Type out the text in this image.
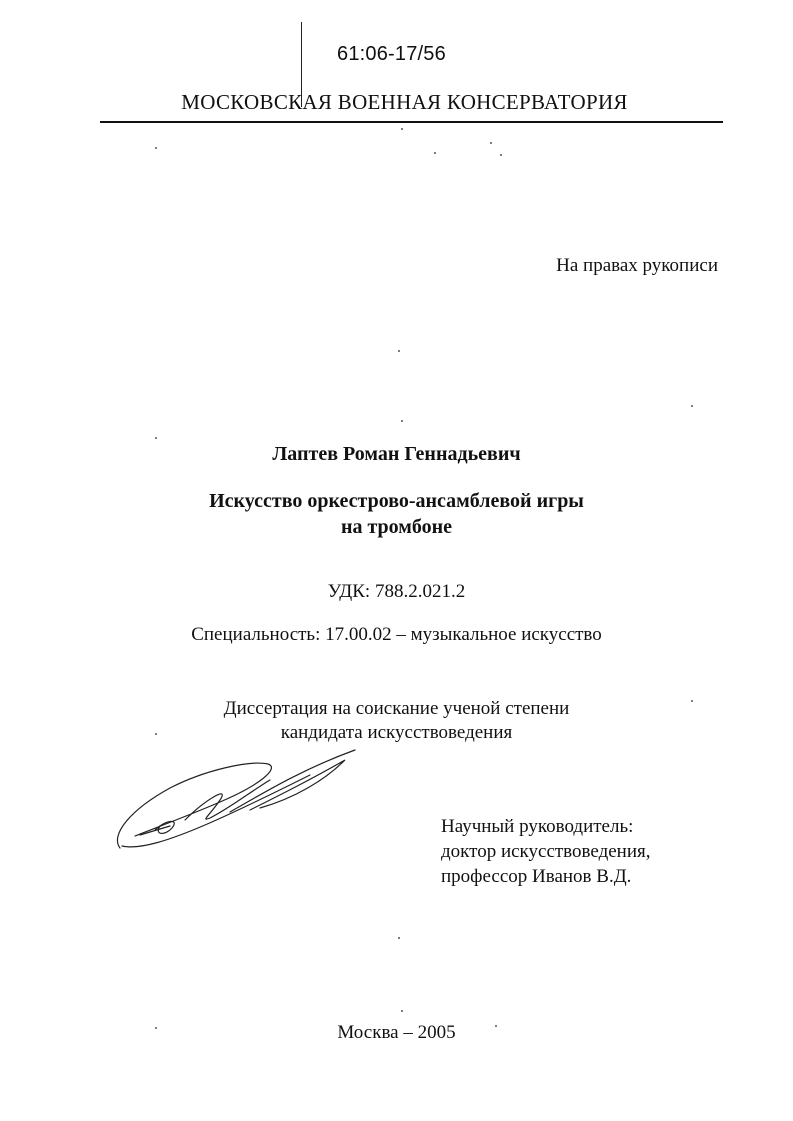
61:06-17/56
МОСКОВСКАЯ ВОЕННАЯ КОНСЕРВАТОРИЯ
На правах рукописи
Лаптев Роман Геннадьевич
Искусство оркестрово-ансамблевой игры
на тромбоне
УДК: 788.2.021.2
Специальность: 17.00.02 – музыкальное искусство
Диссертация на соискание ученой степени
кандидата искусствоведения
Научный руководитель:
доктор искусствоведения,
профессор Иванов В.Д.
Москва – 2005
